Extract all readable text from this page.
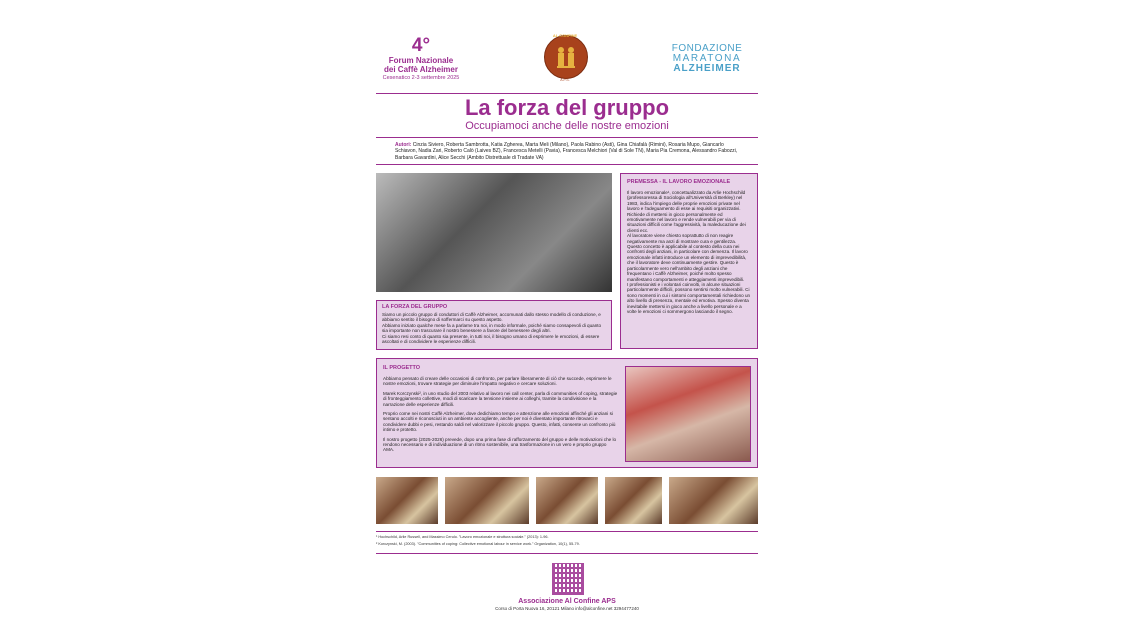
4°
Forum Nazionale
dei Caffè Alzheimer
Cesenatico 2-3 settembre 2025
AL CONFINE
A.P.S.
FONDAZIONE
MARATONA
ALZHEIMER
La forza del gruppo
Occupiamoci anche delle nostre emozioni
Autori: Cinzia Siviero, Roberta Sambrotta, Katia Zgherea, Marta Meli (Milano), Paola Rabino (Asti), Gina Chiafalà (Rimini), Rosaria Mupo, Giancarlo Schiavon, Nadia Zari, Roberto Calò (Laives BZ), Francesca Metelli (Pavia), Francesca Melchiori (Val di Sole TN), Maria Pia Cremona, Alessandro Fabozzi, Barbara Gavardini, Alice Secchi (Ambito Distrettuale di Tradate VA)
PREMESSA - IL LAVORO EMOZIONALE
Il lavoro emozionale¹, concettualizzato da Arlie Hochschild (professoressa di Sociologia all'Università di Berkley) nel 1983, indica l'impiego delle proprie emozioni private nel lavoro e l'adeguamento di esse ai requisiti organizzativi. Richiede di mettersi in gioco personalmente ed emotivamente nel lavoro e rende vulnerabili per via di situazioni difficili come l'aggressività, la maleducazione dei clienti ecc.
Al lavoratore viene chiesto soprattutto di non reagire negativamente ma anzi di mostrare cura e gentilezza. Questo concetto è applicabile al contesto della cura nei confronti degli anziani, in particolare con demenza. Il lavoro emozionale infatti introduce un elemento di imprevedibilità, che il lavoratore deve continuamente gestire. Questo è particolarmente vero nell'ambito degli anziani che frequentano i Caffè Alzheimer, poiché molto spesso manifestano comportamenti e atteggiamenti imprevedibili.
I professionisti e i volontari coinvolti, in alcune situazioni particolarmente difficili, possono sentirsi molto vulnerabili. Ci sono momenti in cui i sintomi comportamentali richiedono un alto livello di presenza, mentale ed emotiva. Spesso diventa inevitabile mettersi in gioco anche a livello personale e a volte le emozioni ci sommergono lasciando il segno.
LA FORZA DEL GRUPPO
Siamo un piccolo gruppo di conduttori di Caffè Alzheimer, accomunati dallo stesso modello di conduzione, e abbiamo sentito il bisogno di soffermarci su questo aspetto.
Abbiamo iniziato qualche mese fa a parlarne tra noi, in modo informale, poiché siamo consapevoli di quanto sia importante non trascurare il nostro benessere a favore del benessere degli altri.
Ci siamo resi conto di quanto sia presente, in tutti noi, il bisogno umano di esprimere le emozioni, di essere ascoltati e di condividere le esperienze difficili.
IL PROGETTO
Abbiamo pensato di creare delle occasioni di confronto, per parlare liberamente di ciò che succede, esprimere le nostre emozioni, trovare strategie per diminuire l'impatto negativo e cercare soluzioni.
Marek Korczynski², in uno studio del 2003 relativo al lavoro nei call center, parla di communities of coping, strategie di fronteggiamento collettive, modi di scaricare la tensione insieme ai colleghi, tramite la condivisione e la narrazione delle esperienze difficili.
Proprio come nei nostri Caffè Alzheimer, dove dedichiamo tempo e attenzione alle emozioni affinché gli anziani si sentano accolti e riconosciuti in un ambiente accogliente, anche per noi è diventato importante ritrovarci e condividere dubbi e pesi, restando saldi nel valorizzare il piccolo gruppo. Questo, infatti, consente un confronto più intimo e protetto.
Il nostro progetto (2025-2026) prevede, dopo una prima fase di rafforzamento del gruppo e delle motivazioni che lo rendono necessario e di individuazione di un ritmo sostenibile, una trasformazione in un vero e proprio gruppo AMA.
¹ Hochschild, Arlie Russell, and Massimo Cerulo. "Lavoro emozionale e struttura sociale." (2013): 1-96.
² Korczynski, M. (2003). "Communities of coping: Collective emotional labour in service work." Organization, 10(1), 55-79.
Associazione Al Confine APS
Corso di Porta Nuova 16, 20121 Milano info@alconfine.net 3294477240
